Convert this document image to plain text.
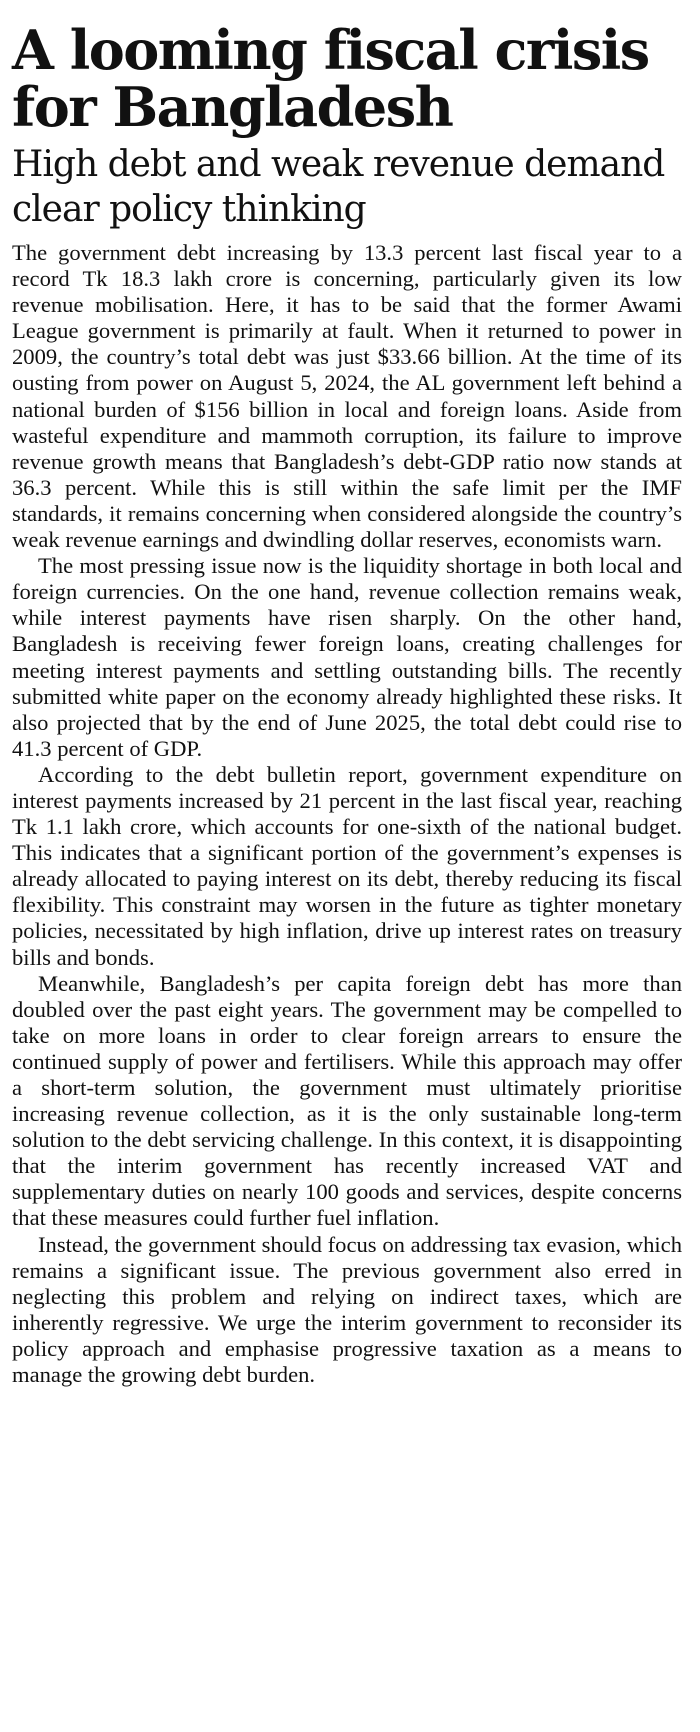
A looming fiscal crisis for Bangladesh
High debt and weak revenue demand clear policy thinking

The government debt increasing by 13.3 percent last fiscal year to a record Tk 18.3 lakh crore is concerning, particularly given its low revenue mobilisation. Here, it has to be said that the former Awami League government is primarily at fault. When it returned to power in 2009, the country’s total debt was just $33.66 billion. At the time of its ousting from power on August 5, 2024, the AL government left behind a national burden of $156 billion in local and foreign loans. Aside from wasteful expenditure and mammoth corruption, its failure to improve revenue growth means that Bangladesh’s debt-GDP ratio now stands at 36.3 percent. While this is still within the safe limit per the IMF standards, it remains concerning when considered alongside the country’s weak revenue earnings and dwindling dollar reserves, economists warn.

The most pressing issue now is the liquidity shortage in both local and foreign currencies. On the one hand, revenue collection remains weak, while interest payments have risen sharply. On the other hand, Bangladesh is receiving fewer foreign loans, creating challenges for meeting interest payments and settling outstanding bills. The recently submitted white paper on the economy already highlighted these risks. It also projected that by the end of June 2025, the total debt could rise to 41.3 percent of GDP.

According to the debt bulletin report, government expenditure on interest payments increased by 21 percent in the last fiscal year, reaching Tk 1.1 lakh crore, which accounts for one-sixth of the national budget. This indicates that a significant portion of the government’s expenses is already allocated to paying interest on its debt, thereby reducing its fiscal flexibility. This constraint may worsen in the future as tighter monetary policies, necessitated by high inflation, drive up interest rates on treasury bills and bonds.

Meanwhile, Bangladesh’s per capita foreign debt has more than doubled over the past eight years. The government may be compelled to take on more loans in order to clear foreign arrears to ensure the continued supply of power and fertilisers. While this approach may offer a short-term solution, the government must ultimately prioritise increasing revenue collection, as it is the only sustainable long-term solution to the debt servicing challenge. In this context, it is disappointing that the interim government has recently increased VAT and supplementary duties on nearly 100 goods and services, despite concerns that these measures could further fuel inflation.

Instead, the government should focus on addressing tax evasion, which remains a significant issue. The previous government also erred in neglecting this problem and relying on indirect taxes, which are inherently regressive. We urge the interim government to reconsider its policy approach and emphasise progressive taxation as a means to manage the growing debt burden.
